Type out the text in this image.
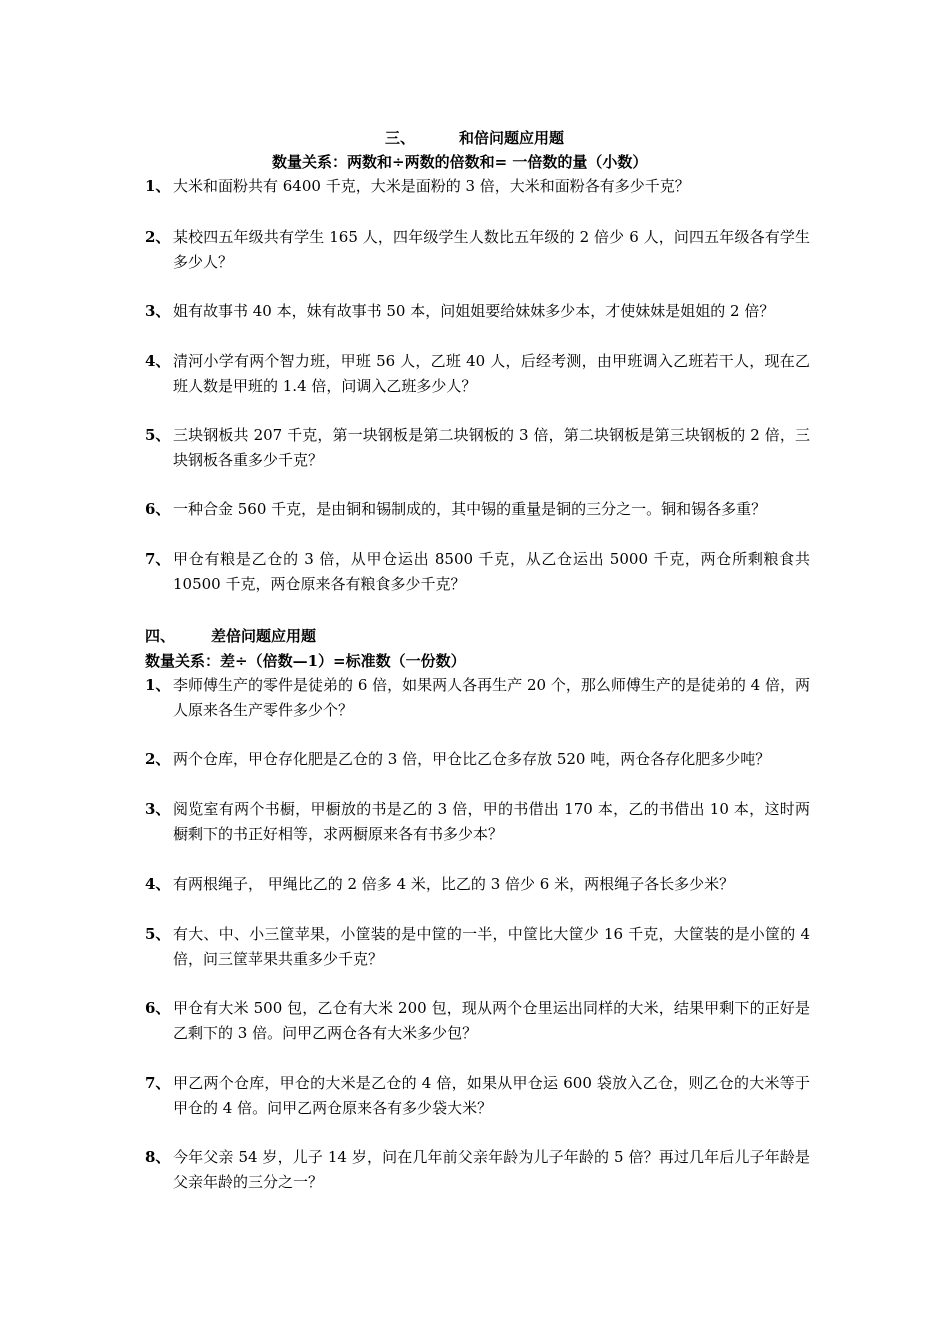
三、	和倍问题应用题
数量关系：两数和÷两数的倍数和= 一倍数的量（小数）
1、 大米和面粉共有 6400 千克，大米是面粉的 3 倍，大米和面粉各有多少千克？
2、 某校四五年级共有学生 165 人，四年级学生人数比五年级的 2 倍少 6 人，问四五年级各有学生多少人？
3、 姐有故事书 40 本，妹有故事书 50 本，问姐姐要给妹妹多少本，才使妹妹是姐姐的 2 倍？
4、 清河小学有两个智力班，甲班 56 人，乙班 40 人，后经考测，由甲班调入乙班若干人，现在乙班人数是甲班的 1.4 倍，问调入乙班多少人？
5、 三块钢板共 207 千克，第一块钢板是第二块钢板的 3 倍，第二块钢板是第三块钢板的 2 倍，三块钢板各重多少千克？
6、 一种合金 560 千克，是由铜和锡制成的，其中锡的重量是铜的三分之一。铜和锡各多重？
7、 甲仓有粮是乙仓的 3 倍，从甲仓运出 8500 千克，从乙仓运出 5000 千克，两仓所剩粮食共 10500 千克，两仓原来各有粮食多少千克？
四、 差倍问题应用题
数量关系：差÷（倍数—1）=标准数（一份数）
1、 李师傅生产的零件是徒弟的 6 倍，如果两人各再生产 20 个，那么师傅生产的是徒弟的 4 倍，两人原来各生产零件多少个？
2、 两个仓库，甲仓存化肥是乙仓的 3 倍，甲仓比乙仓多存放 520 吨，两仓各存化肥多少吨？
3、 阅览室有两个书橱，甲橱放的书是乙的 3 倍，甲的书借出 170 本，乙的书借出 10 本，这时两橱剩下的书正好相等，求两橱原来各有书多少本？
4、 有两根绳子， 甲绳比乙的 2 倍多 4 米，比乙的 3 倍少 6 米，两根绳子各长多少米？
5、 有大、中、小三筐苹果，小筐装的是中筐的一半，中筐比大筐少 16 千克，大筐装的是小筐的 4 倍，问三筐苹果共重多少千克？
6、 甲仓有大米 500 包，乙仓有大米 200 包，现从两个仓里运出同样的大米，结果甲剩下的正好是乙剩下的 3 倍。问甲乙两仓各有大米多少包？
7、 甲乙两个仓库，甲仓的大米是乙仓的 4 倍，如果从甲仓运 600 袋放入乙仓，则乙仓的大米等于甲仓的 4 倍。问甲乙两仓原来各有多少袋大米？
8、 今年父亲 54 岁，儿子 14 岁，问在几年前父亲年龄为儿子年龄的 5 倍？再过几年后儿子年龄是父亲年龄的三分之一？
